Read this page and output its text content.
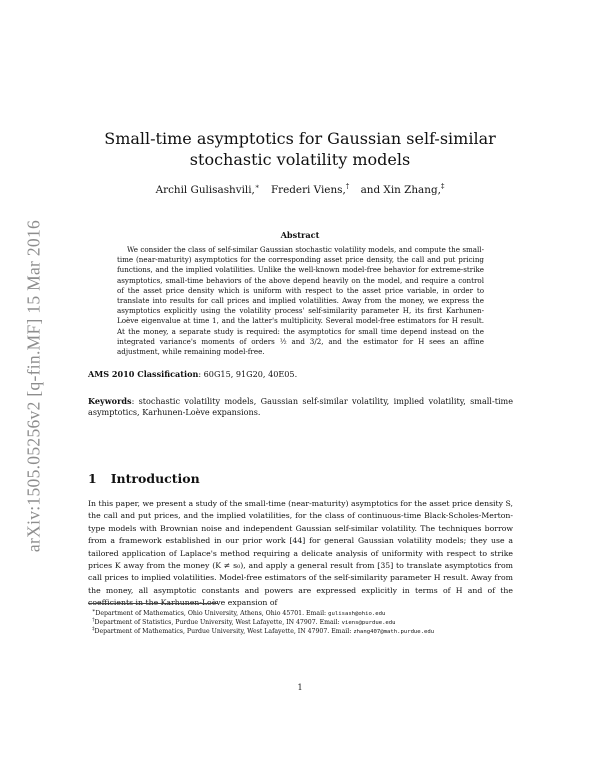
arXiv:1505.05256v2 [q-fin.MF] 15 Mar 2016
Small-time asymptotics for Gaussian self-similar stochastic volatility models
Archil Gulisashvili,∗ Frederi Viens,† and Xin Zhang,‡
Abstract

We consider the class of self-similar Gaussian stochastic volatility models, and compute the small-time (near-maturity) asymptotics for the corresponding asset price density, the call and put pricing functions, and the implied volatilities. Unlike the well-known model-free behavior for extreme-strike asymptotics, small-time behaviors of the above depend heavily on the model, and require a control of the asset price density which is uniform with respect to the asset price variable, in order to translate into results for call prices and implied volatilities. Away from the money, we express the asymptotics explicitly using the volatility process' self-similarity parameter H, its first Karhunen-Loève eigenvalue at time 1, and the latter's multiplicity. Several model-free estimators for H result. At the money, a separate study is required: the asymptotics for small time depend instead on the integrated variance's moments of orders ½ and 3/2, and the estimator for H sees an affine adjustment, while remaining model-free.

AMS 2010 Classification: 60G15, 91G20, 40E05.

Keywords: stochastic volatility models, Gaussian self-similar volatility, implied volatility, small-time asymptotics, Karhunen-Loève expansions.

1 Introduction

In this paper, we present a study of the small-time (near-maturity) asymptotics for the asset price density S, the call and put prices, and the implied volatilities, for the class of continuous-time Black-Scholes-Merton-type models with Brownian noise and independent Gaussian self-similar volatility. The techniques borrow from a framework established in our prior work [44] for general Gaussian volatility models; they use a tailored application of Laplace's method requiring a delicate analysis of uniformity with respect to strike prices K away from the money (K ≠ s₀), and apply a general result from [35] to translate asymptotics from call prices to implied volatilities. Model-free estimators of the self-similarity parameter H result. Away from the money, all asymptotic constants and powers are expressed explicitly in terms of H and of the coefficients in the Karhunen-Loève expansion of

∗Department of Mathematics, Ohio University, Athens, Ohio 45701. Email: gulisash@ohio.edu
†Department of Statistics, Purdue University, West Lafayette, IN 47907. Email: viens@purdue.edu
‡Department of Mathematics, Purdue University, West Lafayette, IN 47907. Email: zhang407@math.purdue.edu
1
